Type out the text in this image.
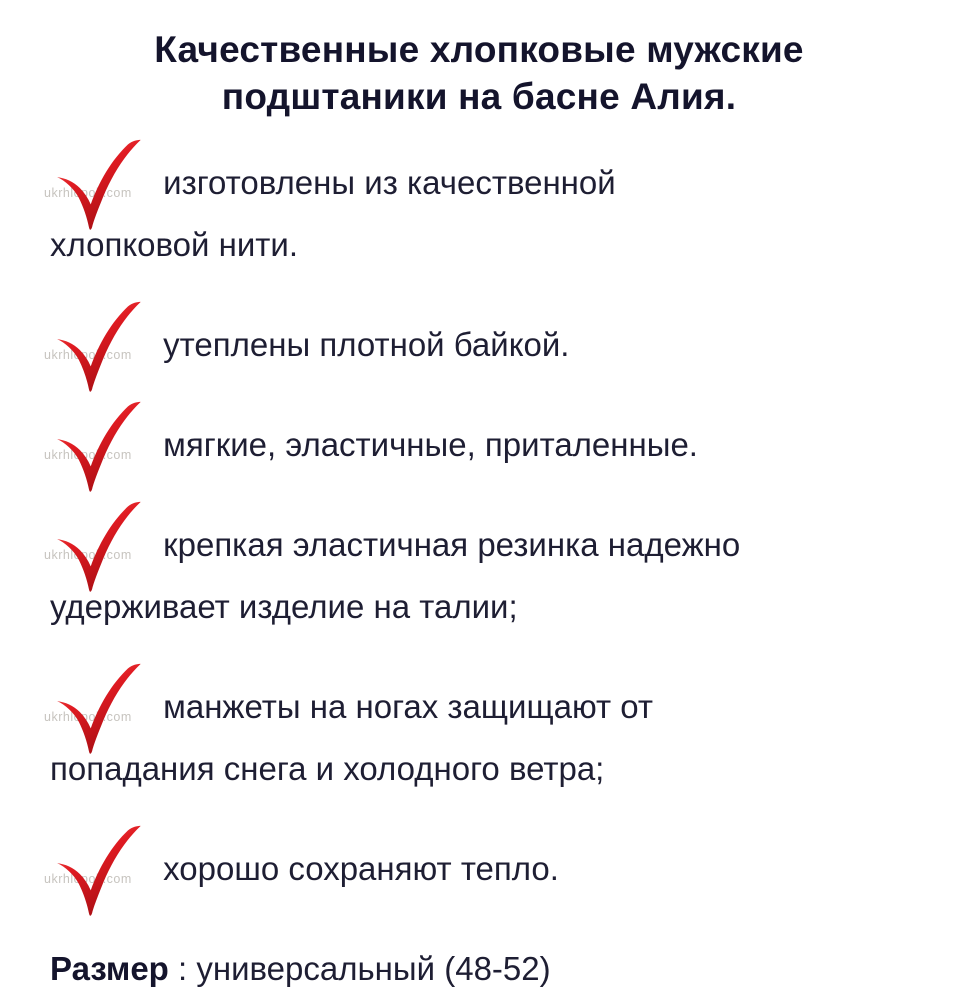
Качественные хлопковые мужские
подштаники на басне Алия.
ukrhlopok.com изготовлены из качественной
хлопковой нити.
ukrhlopok.com утеплены плотной байкой.
ukrhlopok.com мягкие, эластичные, приталенные.
ukrhlopok.com крепкая эластичная резинка надежно
удерживает изделие на талии;
ukrhlopok.com манжеты на ногах защищают от
попадания снега и холодного ветра;
ukrhlopok.com хорошо сохраняют тепло.

Размер : универсальный (48-52)
